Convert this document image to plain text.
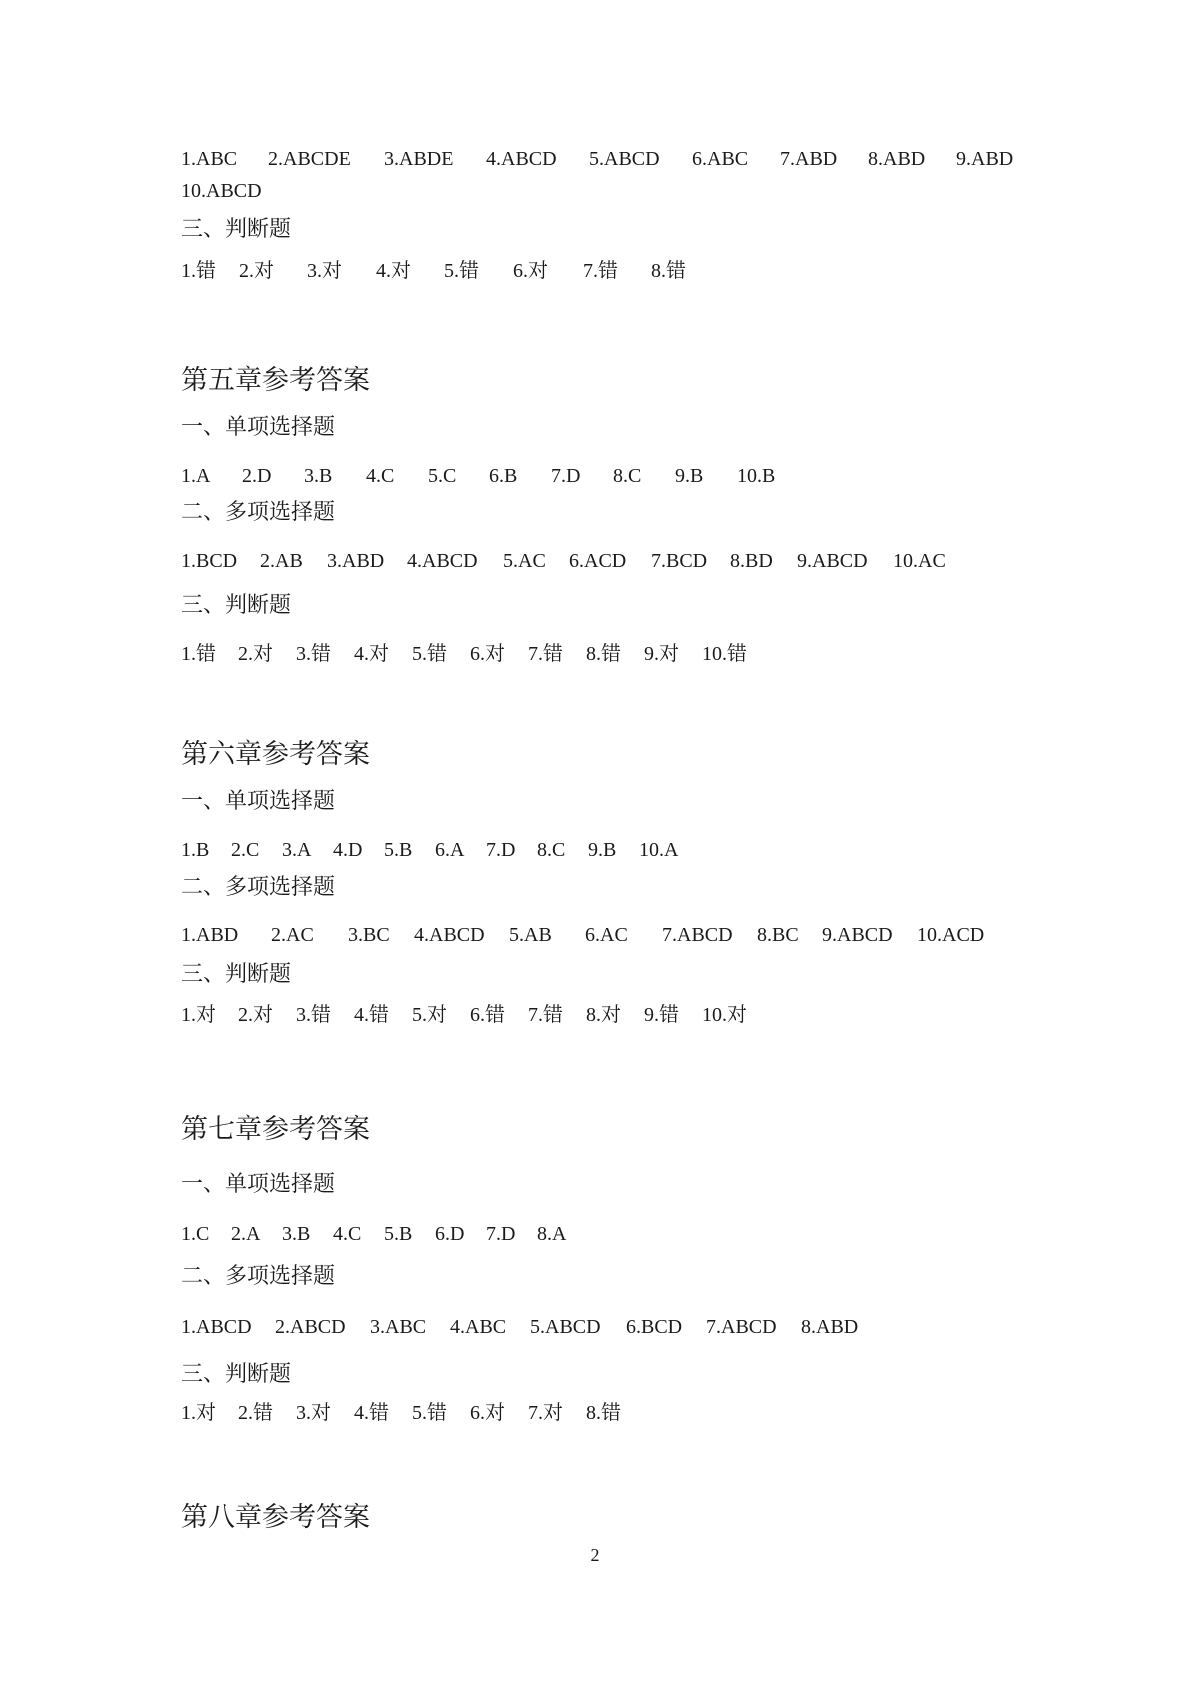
1.ABC 2.ABCDE 3.ABDE 4.ABCD 5.ABCD 6.ABC 7.ABD 8.ABD 9.ABD
10.ABCD
三、判断题
1.错 2.对 3.对 4.对 5.错 6.对 7.错 8.错
第五章参考答案
一、单项选择题
1.A 2.D 3.B 4.C 5.C 6.B 7.D 8.C 9.B 10.B
二、多项选择题
1.BCD 2.AB 3.ABD 4.ABCD 5.AC 6.ACD 7.BCD 8.BD 9.ABCD 10.AC
三、判断题
1.错 2.对 3.错 4.对 5.错 6.对 7.错 8.错 9.对 10.错
第六章参考答案
一、单项选择题
1.B 2.C 3.A 4.D 5.B 6.A 7.D 8.C 9.B 10.A
二、多项选择题
1.ABD 2.AC 3.BC 4.ABCD 5.AB 6.AC 7.ABCD 8.BC 9.ABCD 10.ACD
三、判断题
1.对 2.对 3.错 4.错 5.对 6.错 7.错 8.对 9.错 10.对
第七章参考答案
一、单项选择题
1.C 2.A 3.B 4.C 5.B 6.D 7.D 8.A
二、多项选择题
1.ABCD 2.ABCD 3.ABC 4.ABC 5.ABCD 6.BCD 7.ABCD 8.ABD
三、判断题
1.对 2.错 3.对 4.错 5.错 6.对 7.对 8.错
第八章参考答案
2
